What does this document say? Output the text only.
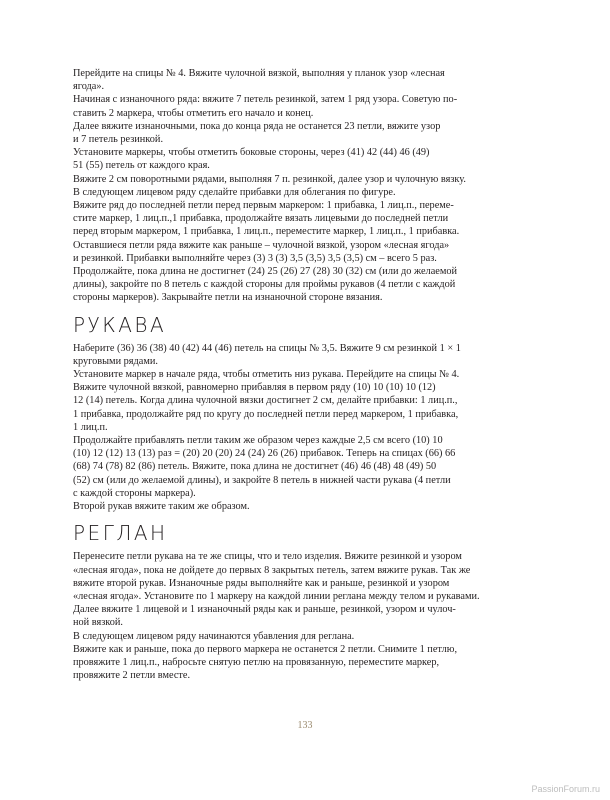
Перейдите на спицы № 4. Вяжите чулочной вязкой, выполняя у планок узор «лесная

ягода».

Начиная с изнаночного ряда: вяжите 7 петель резинкой, затем 1 ряд узора. Советую по-

ставить 2 маркера, чтобы отметить его начало и конец.

Далее вяжите изнаночными, пока до конца ряда не останется 23 петли, вяжите узор

и 7 петель резинкой.

Установите маркеры, чтобы отметить боковые стороны, через (41) 42 (44) 46 (49)

51 (55) петель от каждого края.

Вяжите 2 см поворотными рядами, выполняя 7 п. резинкой, далее узор и чулочную вязку.

В следующем лицевом ряду сделайте прибавки для облегания по фигуре.

Вяжите ряд до последней петли перед первым маркером: 1 прибавка, 1 лиц.п., переме-

стите маркер, 1 лиц.п.,1 прибавка, продолжайте вязать лицевыми до последней петли

перед вторым маркером, 1 прибавка, 1 лиц.п., переместите маркер, 1 лиц.п., 1 прибавка.

Оставшиеся петли ряда вяжите как раньше – чулочной вязкой, узором «лесная ягода»

и резинкой. Прибавки выполняйте через (3) 3 (3) 3,5 (3,5) 3,5 (3,5) см – всего 5 раз.

Продолжайте, пока длина не достигнет (24) 25 (26) 27 (28) 30 (32) см (или до желаемой

длины), закройте по 8 петель с каждой стороны для проймы рукавов (4 петли с каждой

стороны маркеров). Закрывайте петли на изнаночной стороне вязания.

РУКАВА

Наберите (36) 36 (38) 40 (42) 44 (46) петель на спицы № 3,5. Вяжите 9 см резинкой 1 × 1

круговыми рядами.

Установите маркер в начале ряда, чтобы отметить низ рукава. Перейдите на спицы № 4.

Вяжите чулочной вязкой, равномерно прибавляя в первом ряду (10) 10 (10) 10 (12)

12 (14) петель. Когда длина чулочной вязки достигнет 2 см, делайте прибавки: 1 лиц.п.,

1 прибавка, продолжайте ряд по кругу до последней петли перед маркером, 1 прибавка,

1 лиц.п.

Продолжайте прибавлять петли таким же образом через каждые 2,5 см всего (10) 10

(10) 12 (12) 13 (13) раз = (20) 20 (20) 24 (24) 26 (26) прибавок. Теперь на спицах (66) 66

(68) 74 (78) 82 (86) петель. Вяжите, пока длина не достигнет (46) 46 (48) 48 (49) 50

(52) см (или до желаемой длины), и закройте 8 петель в нижней части рукава (4 петли

с каждой стороны маркера).

Второй рукав вяжите таким же образом.

РЕГЛАН

Перенесите петли рукава на те же спицы, что и тело изделия. Вяжите резинкой и узором

«лесная ягода», пока не дойдете до первых 8 закрытых петель, затем вяжите рукав. Так же

вяжите второй рукав. Изнаночные ряды выполняйте как и раньше, резинкой и узором

«лесная ягода». Установите по 1 маркеру на каждой линии реглана между телом и рукавами.

Далее вяжите 1 лицевой и 1 изнаночный ряды как и раньше, резинкой, узором и чулоч-

ной вязкой.

В следующем лицевом ряду начинаются убавления для реглана.

Вяжите как и раньше, пока до первого маркера не останется 2 петли. Снимите 1 петлю,

провяжите 1 лиц.п., набросьте снятую петлю на провязанную, переместите маркер,

провяжите 2 петли вместе.

133
PassionForum.ru
